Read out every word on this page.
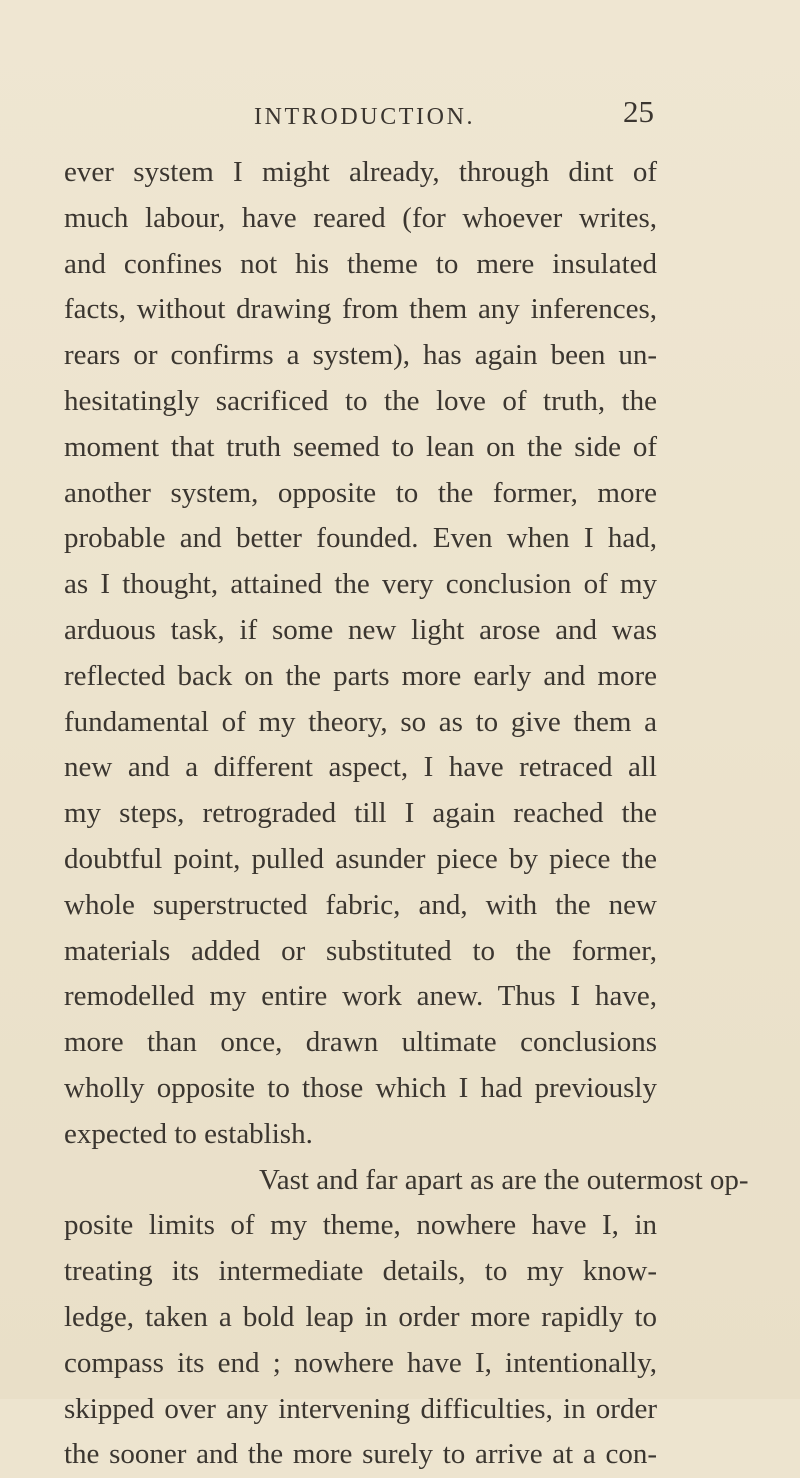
INTRODUCTION.	25
ever system I might already, through dint of
much labour, have reared (for whoever writes,
and confines not his theme to mere insulated
facts, without drawing from them any inferences,
rears or confirms a system), has again been un-
hesitatingly sacrificed to the love of truth, the
moment that truth seemed to lean on the side of
another system, opposite to the former, more
probable and better founded. Even when I had,
as I thought, attained the very conclusion of my
arduous task, if some new light arose and was
reflected back on the parts more early and more
fundamental of my theory, so as to give them a
new and a different aspect, I have retraced all
my steps, retrograded till I again reached the
doubtful point, pulled asunder piece by piece the
whole superstructed fabric, and, with the new
materials added or substituted to the former,
remodelled my entire work anew. Thus I have,
more than once, drawn ultimate conclusions
wholly opposite to those which I had previously
expected to establish.
Vast and far apart as are the outermost op-
posite limits of my theme, nowhere have I, in
treating its intermediate details, to my know-
ledge, taken a bold leap in order more rapidly to
compass its end ; nowhere have I, intentionally,
skipped over any intervening difficulties, in order
the sooner and the more surely to arrive at a con-
